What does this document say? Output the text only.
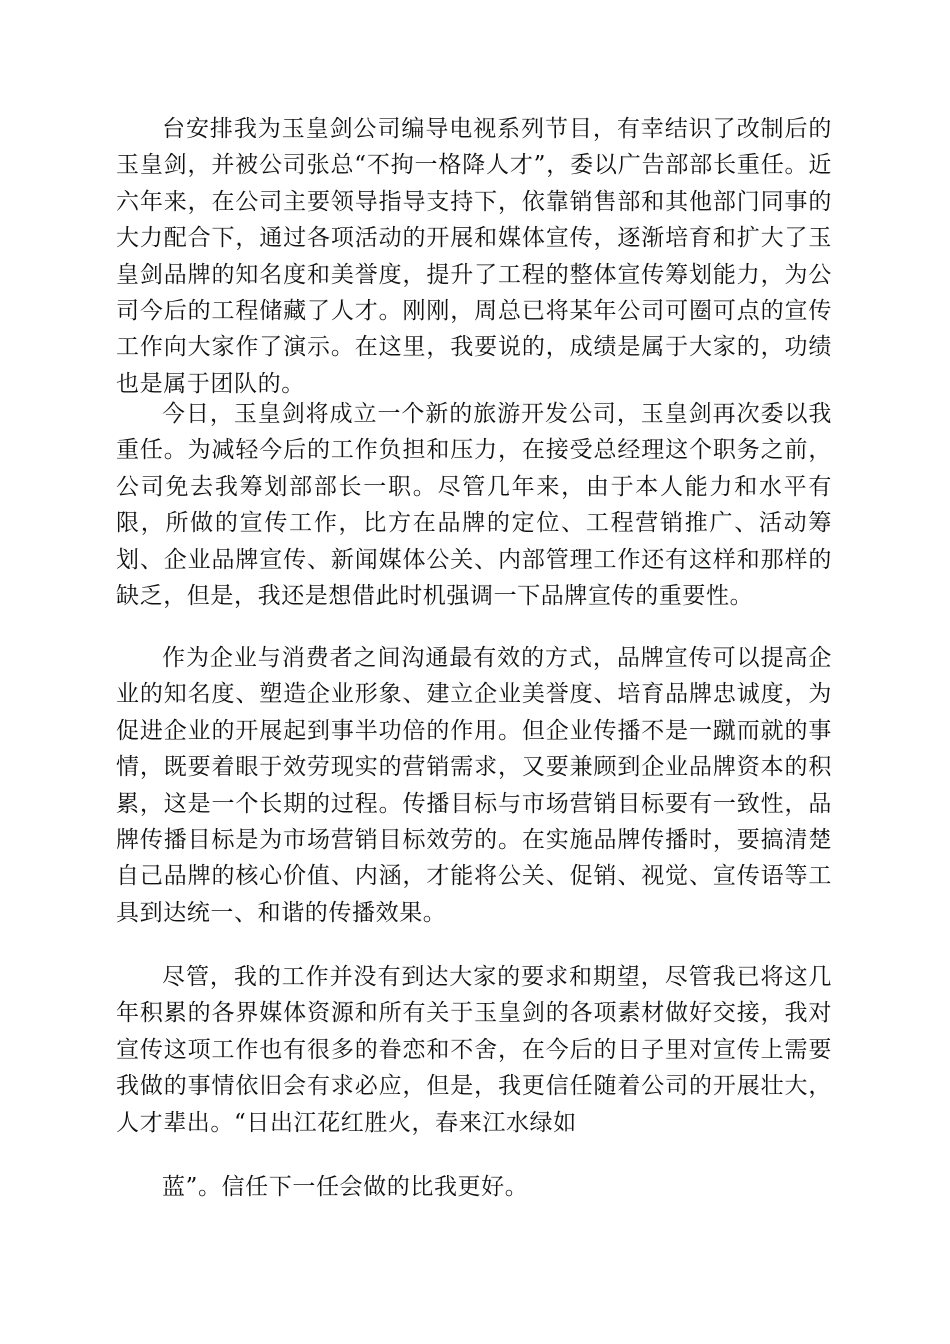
台安排我为玉皇剑公司编导电视系列节目，有幸结识了改制后的玉皇剑，并被公司张总“不拘一格降人才”，委以广告部部长重任。近六年来，在公司主要领导指导支持下，依靠销售部和其他部门同事的大力配合下，通过各项活动的开展和媒体宣传，逐渐培育和扩大了玉皇剑品牌的知名度和美誉度，提升了工程的整体宣传筹划能力，为公司今后的工程储藏了人才。刚刚，周总已将某年公司可圈可点的宣传工作向大家作了演示。在这里，我要说的，成绩是属于大家的，功绩也是属于团队的。

今日，玉皇剑将成立一个新的旅游开发公司，玉皇剑再次委以我重任。为减轻今后的工作负担和压力，在接受总经理这个职务之前，公司免去我筹划部部长一职。尽管几年来，由于本人能力和水平有限，所做的宣传工作，比方在品牌的定位、工程营销推广、活动筹划、企业品牌宣传、新闻媒体公关、内部管理工作还有这样和那样的缺乏，但是，我还是想借此时机强调一下品牌宣传的重要性。

作为企业与消费者之间沟通最有效的方式，品牌宣传可以提高企业的知名度、塑造企业形象、建立企业美誉度、培育品牌忠诚度，为促进企业的开展起到事半功倍的作用。但企业传播不是一蹴而就的事情，既要着眼于效劳现实的营销需求，又要兼顾到企业品牌资本的积累，这是一个长期的过程。传播目标与市场营销目标要有一致性，品牌传播目标是为市场营销目标效劳的。在实施品牌传播时，要搞清楚自己品牌的核心价值、内涵，才能将公关、促销、视觉、宣传语等工具到达统一、和谐的传播效果。

尽管，我的工作并没有到达大家的要求和期望，尽管我已将这几年积累的各界媒体资源和所有关于玉皇剑的各项素材做好交接，我对宣传这项工作也有很多的眷恋和不舍，在今后的日子里对宣传上需要我做的事情依旧会有求必应，但是，我更信任随着公司的开展壮大，人才辈出。“日出江花红胜火，春来江水绿如

蓝”。信任下一任会做的比我更好。
